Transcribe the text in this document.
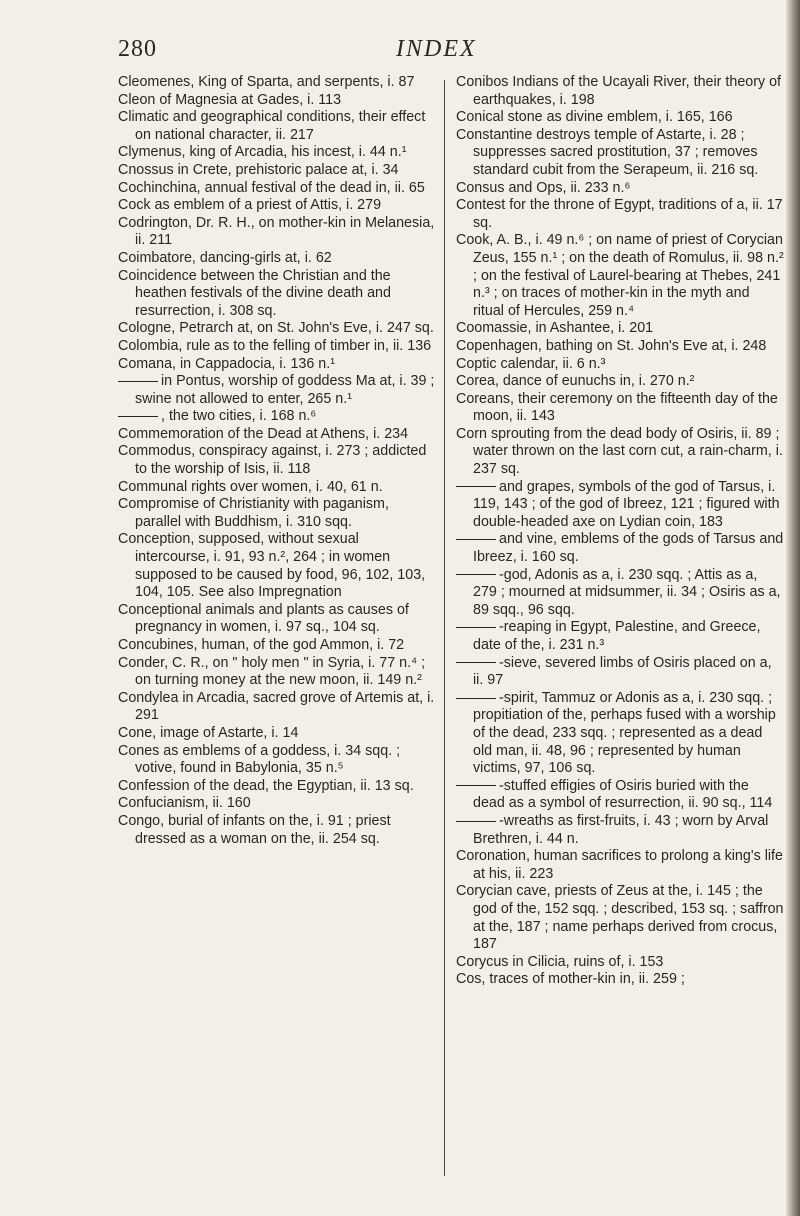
280	INDEX

Cleomenes, King of Sparta, and serpents, i. 87

Cleon of Magnesia at Gades, i. 113

Climatic and geographical conditions, their effect on national character, ii. 217

Clymenus, king of Arcadia, his incest, i. 44 n.¹

Cnossus in Crete, prehistoric palace at, i. 34

Cochinchina, annual festival of the dead in, ii. 65

Cock as emblem of a priest of Attis, i. 279

Codrington, Dr. R. H., on mother-kin in Melanesia, ii. 211

Coimbatore, dancing-girls at, i. 62

Coincidence between the Christian and the heathen festivals of the divine death and resurrection, i. 308 sq.

Cologne, Petrarch at, on St. John's Eve, i. 247 sq.

Colombia, rule as to the felling of timber in, ii. 136

Comana, in Cappadocia, i. 136 n.¹

in Pontus, worship of goddess Ma at, i. 39 ; swine not allowed to enter, 265 n.¹

, the two cities, i. 168 n.⁶

Commemoration of the Dead at Athens, i. 234

Commodus, conspiracy against, i. 273 ; addicted to the worship of Isis, ii. 118

Communal rights over women, i. 40, 61 n.

Compromise of Christianity with paganism, parallel with Buddhism, i. 310 sqq.

Conception, supposed, without sexual intercourse, i. 91, 93 n.², 264 ; in women supposed to be caused by food, 96, 102, 103, 104, 105. See also Impregnation

Conceptional animals and plants as causes of pregnancy in women, i. 97 sq., 104 sq.

Concubines, human, of the god Ammon, i. 72

Conder, C. R., on " holy men " in Syria, i. 77 n.⁴ ; on turning money at the new moon, ii. 149 n.²

Condylea in Arcadia, sacred grove of Artemis at, i. 291

Cone, image of Astarte, i. 14

Cones as emblems of a goddess, i. 34 sqq. ; votive, found in Babylonia, 35 n.⁵

Confession of the dead, the Egyptian, ii. 13 sq.

Confucianism, ii. 160

Congo, burial of infants on the, i. 91 ; priest dressed as a woman on the, ii. 254 sq.

Conibos Indians of the Ucayali River, their theory of earthquakes, i. 198

Conical stone as divine emblem, i. 165, 166

Constantine destroys temple of Astarte, i. 28 ; suppresses sacred prostitution, 37 ; removes standard cubit from the Serapeum, ii. 216 sq.

Consus and Ops, ii. 233 n.⁶

Contest for the throne of Egypt, traditions of a, ii. 17 sq.

Cook, A. B., i. 49 n.⁶ ; on name of priest of Corycian Zeus, 155 n.¹ ; on the death of Romulus, ii. 98 n.² ; on the festival of Laurel-bearing at Thebes, 241 n.³ ; on traces of mother-kin in the myth and ritual of Hercules, 259 n.⁴

Coomassie, in Ashantee, i. 201

Copenhagen, bathing on St. John's Eve at, i. 248

Coptic calendar, ii. 6 n.³

Corea, dance of eunuchs in, i. 270 n.²

Coreans, their ceremony on the fifteenth day of the moon, ii. 143

Corn sprouting from the dead body of Osiris, ii. 89 ; water thrown on the last corn cut, a rain-charm, i. 237 sq.

and grapes, symbols of the god of Tarsus, i. 119, 143 ; of the god of Ibreez, 121 ; figured with double-headed axe on Lydian coin, 183

and vine, emblems of the gods of Tarsus and Ibreez, i. 160 sq.

-god, Adonis as a, i. 230 sqq. ; Attis as a, 279 ; mourned at midsummer, ii. 34 ; Osiris as a, 89 sqq., 96 sqq.

-reaping in Egypt, Palestine, and Greece, date of the, i. 231 n.³

-sieve, severed limbs of Osiris placed on a, ii. 97

-spirit, Tammuz or Adonis as a, i. 230 sqq. ; propitiation of the, perhaps fused with a worship of the dead, 233 sqq. ; represented as a dead old man, ii. 48, 96 ; represented by human victims, 97, 106 sq.

-stuffed effigies of Osiris buried with the dead as a symbol of resurrection, ii. 90 sq., 114

-wreaths as first-fruits, i. 43 ; worn by Arval Brethren, i. 44 n.

Coronation, human sacrifices to prolong a king's life at his, ii. 223

Corycian cave, priests of Zeus at the, i. 145 ; the god of the, 152 sqq. ; described, 153 sq. ; saffron at the, 187 ; name perhaps derived from crocus, 187

Corycus in Cilicia, ruins of, i. 153

Cos, traces of mother-kin in, ii. 259 ;
